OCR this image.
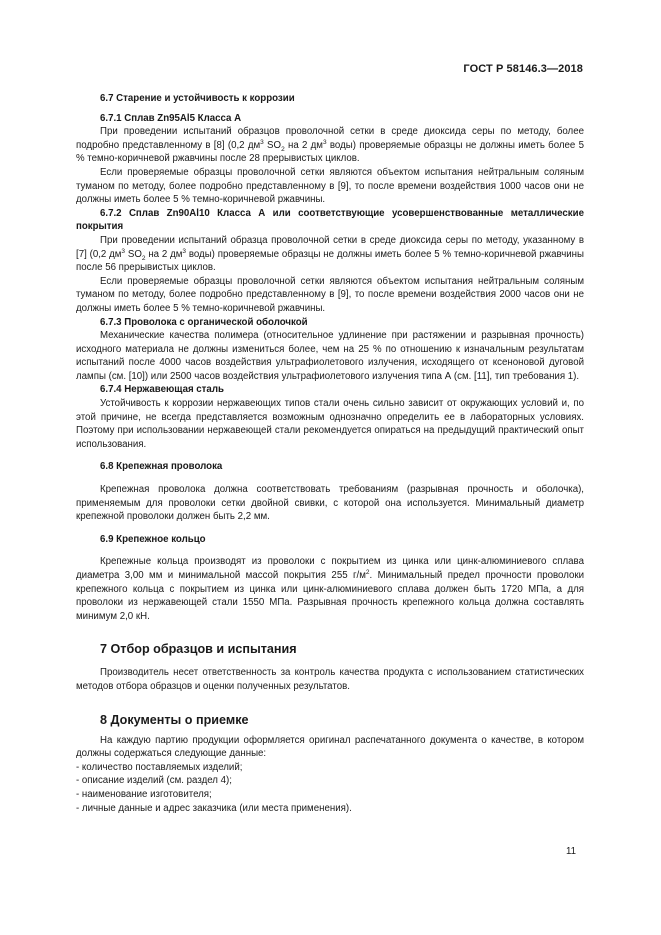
ГОСТ Р 58146.3—2018

6.7 Старение и устойчивость к коррозии

6.7.1 Сплав Zn95Al5 Класса А

При проведении испытаний образцов проволочной сетки в среде диоксида серы по методу, более подробно представленному в [8] (0,2 $дм^3$ $SO_2$ на 2 $дм^3$ воды) проверяемые образцы не должны иметь более 5 % темно-коричневой ржавчины после 28 прерывистых циклов.

Если проверяемые образцы проволочной сетки являются объектом испытания нейтральным соляным туманом по методу, более подробно представленному в [9], то после времени воздействия 1000 часов они не должны иметь более 5 % темно-коричневой ржавчины.

6.7.2 Сплав Zn90Al10 Класса А или соответствующие усовершенствованные металлические покрытия

При проведении испытаний образца проволочной сетки в среде диоксида серы по методу, указанному в [7] (0,2 $дм^3$ $SO_2$ на 2 $дм^3$ воды) проверяемые образцы не должны иметь более 5 % темно-коричневой ржавчины после 56 прерывистых циклов.

Если проверяемые образцы проволочной сетки являются объектом испытания нейтральным соляным туманом по методу, более подробно представленному в [9], то после времени воздействия 2000 часов они не должны иметь более 5 % темно-коричневой ржавчины.

6.7.3 Проволока с органической оболочкой

Механические качества полимера (относительное удлинение при растяжении и разрывная прочность) исходного материала не должны измениться более, чем на 25 % по отношению к изначальным результатам испытаний после 4000 часов воздействия ультрафиолетового излучения, исходящего от ксеноновой дуговой лампы (см. [10]) или 2500 часов воздействия ультрафиолетового излучения типа А (см. [11], тип требования 1).

6.7.4 Нержавеющая сталь

Устойчивость к коррозии нержавеющих типов стали очень сильно зависит от окружающих условий и, по этой причине, не всегда представляется возможным однозначно определить ее в лабораторных условиях. Поэтому при использовании нержавеющей стали рекомендуется опираться на предыдущий практический опыт использования.

6.8 Крепежная проволока

Крепежная проволока должна соответствовать требованиям (разрывная прочность и оболочка), применяемым для проволоки сетки двойной свивки, с которой она используется. Минимальный диаметр крепежной проволоки должен быть 2,2 мм.

6.9 Крепежное кольцо

Крепежные кольца производят из проволоки с покрытием из цинка или цинк-алюминиевого сплава диаметра 3,00 мм и минимальной массой покрытия 255 $г/м^2$. Минимальный предел прочности проволоки крепежного кольца с покрытием из цинка или цинк-алюминиевого сплава должен быть 1720 МПа, а для проволоки из нержавеющей стали 1550 МПа. Разрывная прочность крепежного кольца должна составлять минимум 2,0 кН.

7 Отбор образцов и испытания

Производитель несет ответственность за контроль качества продукта с использованием статистических методов отбора образцов и оценки полученных результатов.

8 Документы о приемке

На каждую партию продукции оформляется оригинал распечатанного документа о качестве, в котором должны содержаться следующие данные:

- количество поставляемых изделий;
- описание изделий (см. раздел 4);
- наименование изготовителя;
- личные данные и адрес заказчика (или места применения).
11
